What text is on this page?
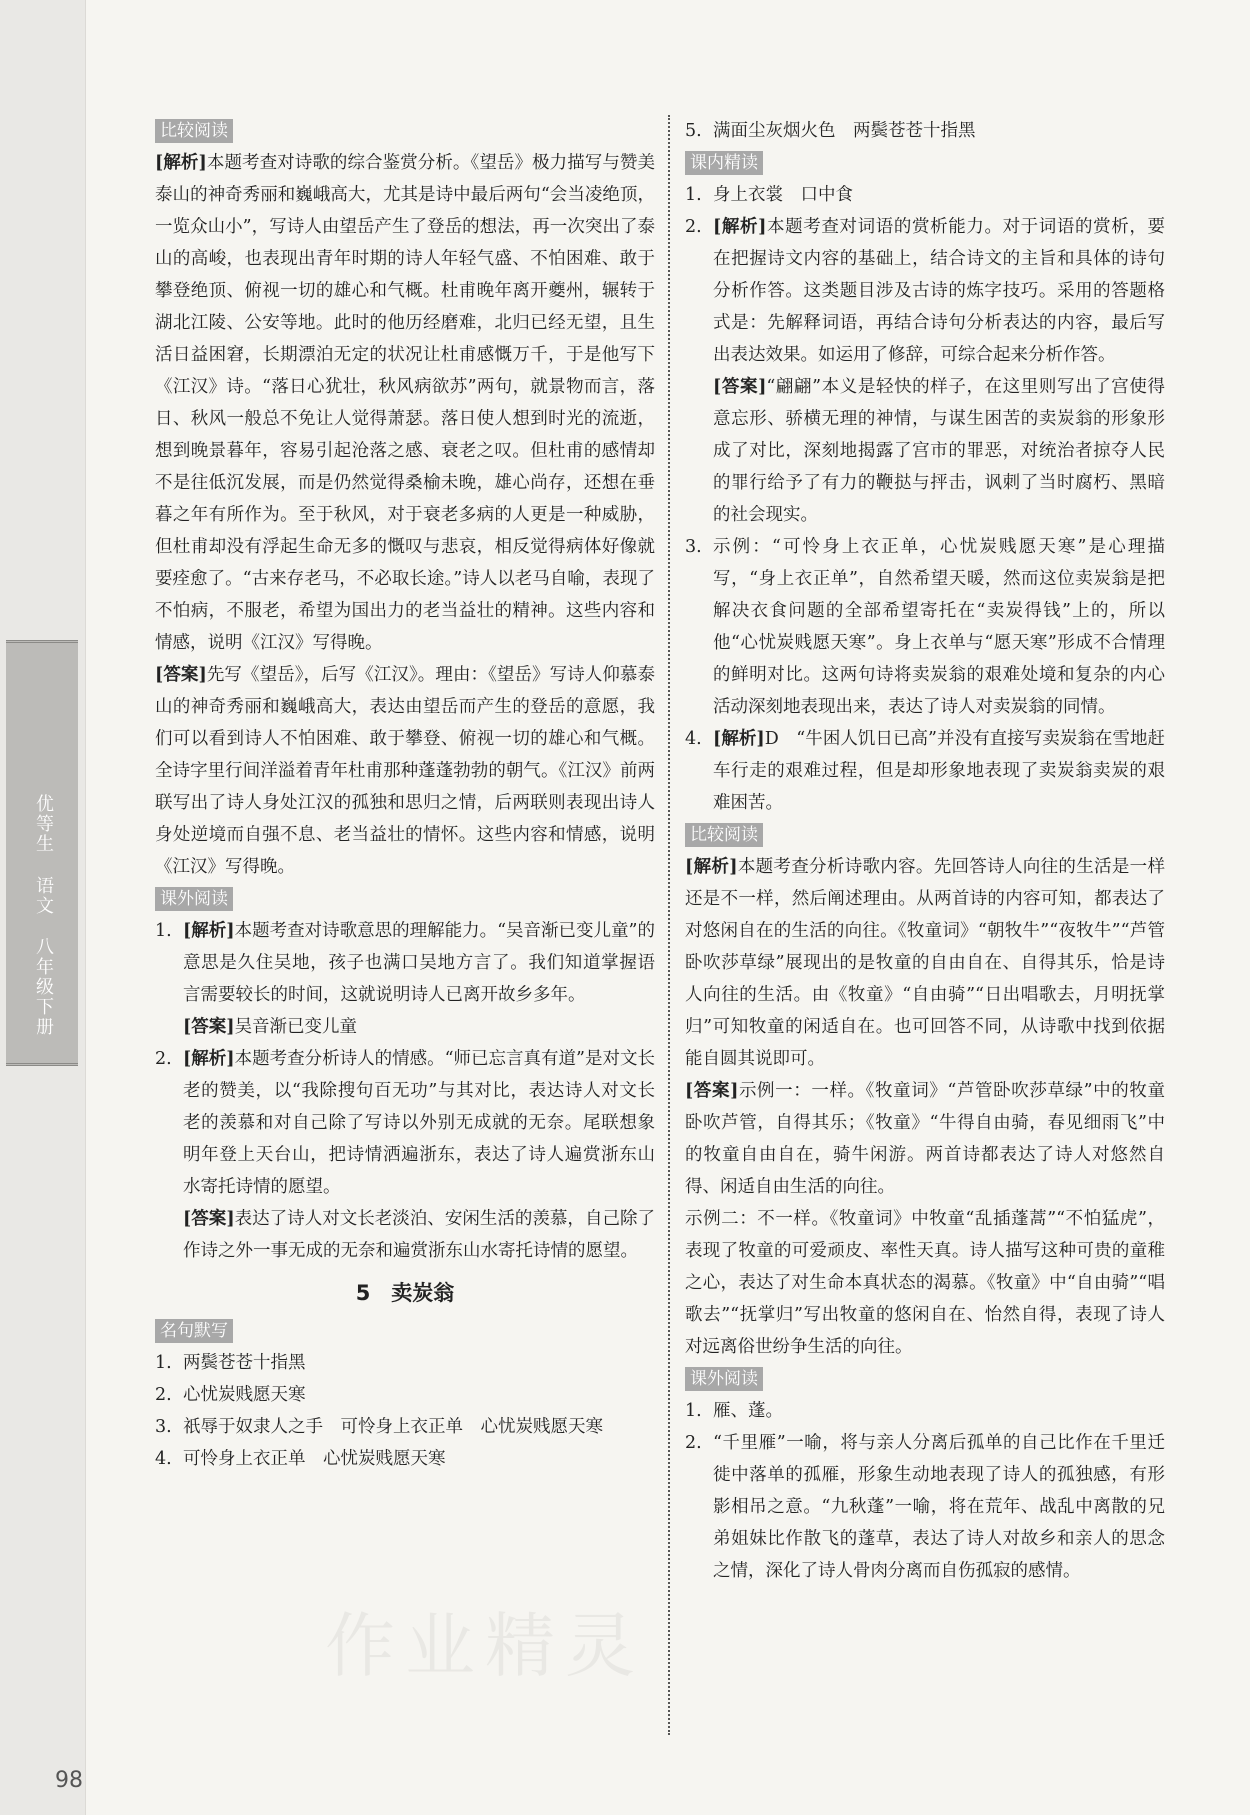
优等生 语文 八年级下册
98
作业精灵
比较阅读

[解析]本题考查对诗歌的综合鉴赏分析。《望岳》极力描写与赞美泰山的神奇秀丽和巍峨高大，尤其是诗中最后两句“会当凌绝顶，一览众山小”，写诗人由望岳产生了登岳的想法，再一次突出了泰山的高峻，也表现出青年时期的诗人年轻气盛、不怕困难、敢于攀登绝顶、俯视一切的雄心和气概。杜甫晚年离开夔州，辗转于湖北江陵、公安等地。此时的他历经磨难，北归已经无望，且生活日益困窘，长期漂泊无定的状况让杜甫感慨万千，于是他写下《江汉》诗。“落日心犹壮，秋风病欲苏”两句，就景物而言，落日、秋风一般总不免让人觉得萧瑟。落日使人想到时光的流逝，想到晚景暮年，容易引起沧落之感、衰老之叹。但杜甫的感情却不是往低沉发展，而是仍然觉得桑榆未晚，雄心尚存，还想在垂暮之年有所作为。至于秋风，对于衰老多病的人更是一种威胁，但杜甫却没有浮起生命无多的慨叹与悲哀，相反觉得病体好像就要痊愈了。“古来存老马，不必取长途。”诗人以老马自喻，表现了不怕病，不服老，希望为国出力的老当益壮的精神。这些内容和情感，说明《江汉》写得晚。

[答案]先写《望岳》，后写《江汉》。理由：《望岳》写诗人仰慕泰山的神奇秀丽和巍峨高大，表达由望岳而产生的登岳的意愿，我们可以看到诗人不怕困难、敢于攀登、俯视一切的雄心和气概。全诗字里行间洋溢着青年杜甫那种蓬蓬勃勃的朝气。《江汉》前两联写出了诗人身处江汉的孤独和思归之情，后两联则表现出诗人身处逆境而自强不息、老当益壮的情怀。这些内容和情感，说明《江汉》写得晚。

课外阅读
1. [解析]本题考查对诗歌意思的理解能力。“吴音渐已变儿童”的意思是久住吴地，孩子也满口吴地方言了。我们知道掌握语言需要较长的时间，这就说明诗人已离开故乡多年。

[答案]吴音渐已变儿童

2. [解析]本题考查分析诗人的情感。“师已忘言真有道”是对文长老的赞美，以“我除搜句百无功”与其对比，表达诗人对文长老的羡慕和对自己除了写诗以外别无成就的无奈。尾联想象明年登上天台山，把诗情洒遍浙东，表达了诗人遍赏浙东山水寄托诗情的愿望。

[答案]表达了诗人对文长老淡泊、安闲生活的羡慕，自己除了作诗之外一事无成的无奈和遍赏浙东山水寄托诗情的愿望。

5　卖炭翁
名句默写
1. 两鬓苍苍十指黑
2. 心忧炭贱愿天寒
3. 祇辱于奴隶人之手　可怜身上衣正单　心忧炭贱愿天寒
4. 可怜身上衣正单　心忧炭贱愿天寒
5. 满面尘灰烟火色　两鬓苍苍十指黑
课内精读
1. 身上衣裳　口中食
2. [解析]本题考查对词语的赏析能力。对于词语的赏析，要在把握诗文内容的基础上，结合诗文的主旨和具体的诗句分析作答。这类题目涉及古诗的炼字技巧。采用的答题格式是：先解释词语，再结合诗句分析表达的内容，最后写出表达效果。如运用了修辞，可综合起来分析作答。

[答案]“翩翩”本义是轻快的样子，在这里则写出了宫使得意忘形、骄横无理的神情，与谋生困苦的卖炭翁的形象形成了对比，深刻地揭露了宫市的罪恶，对统治者掠夺人民的罪行给予了有力的鞭挞与抨击，讽刺了当时腐朽、黑暗的社会现实。

3. 示例：“可怜身上衣正单，心忧炭贱愿天寒”是心理描写，“身上衣正单”，自然希望天暖，然而这位卖炭翁是把解决衣食问题的全部希望寄托在“卖炭得钱”上的，所以他“心忧炭贱愿天寒”。身上衣单与“愿天寒”形成不合情理的鲜明对比。这两句诗将卖炭翁的艰难处境和复杂的内心活动深刻地表现出来，表达了诗人对卖炭翁的同情。
4. [解析]D　“牛困人饥日已高”并没有直接写卖炭翁在雪地赶车行走的艰难过程，但是却形象地表现了卖炭翁卖炭的艰难困苦。
比较阅读

[解析]本题考查分析诗歌内容。先回答诗人向往的生活是一样还是不一样，然后阐述理由。从两首诗的内容可知，都表达了对悠闲自在的生活的向往。《牧童词》“朝牧牛”“夜牧牛”“芦管卧吹莎草绿”展现出的是牧童的自由自在、自得其乐，恰是诗人向往的生活。由《牧童》“自由骑”“日出唱歌去，月明抚掌归”可知牧童的闲适自在。也可回答不同，从诗歌中找到依据能自圆其说即可。

[答案]示例一：一样。《牧童词》“芦管卧吹莎草绿”中的牧童卧吹芦管，自得其乐；《牧童》“牛得自由骑，春见细雨飞”中的牧童自由自在，骑牛闲游。两首诗都表达了诗人对悠然自得、闲适自由生活的向往。

示例二：不一样。《牧童词》中牧童“乱插蓬蒿”“不怕猛虎”，表现了牧童的可爱顽皮、率性天真。诗人描写这种可贵的童稚之心，表达了对生命本真状态的渴慕。《牧童》中“自由骑”“唱歌去”“抚掌归”写出牧童的悠闲自在、怡然自得，表现了诗人对远离俗世纷争生活的向往。

课外阅读
1. 雁、蓬。
2. “千里雁”一喻，将与亲人分离后孤单的自己比作在千里迁徙中落单的孤雁，形象生动地表现了诗人的孤独感，有形影相吊之意。“九秋蓬”一喻，将在荒年、战乱中离散的兄弟姐妹比作散飞的蓬草，表达了诗人对故乡和亲人的思念之情，深化了诗人骨肉分离而自伤孤寂的感情。
